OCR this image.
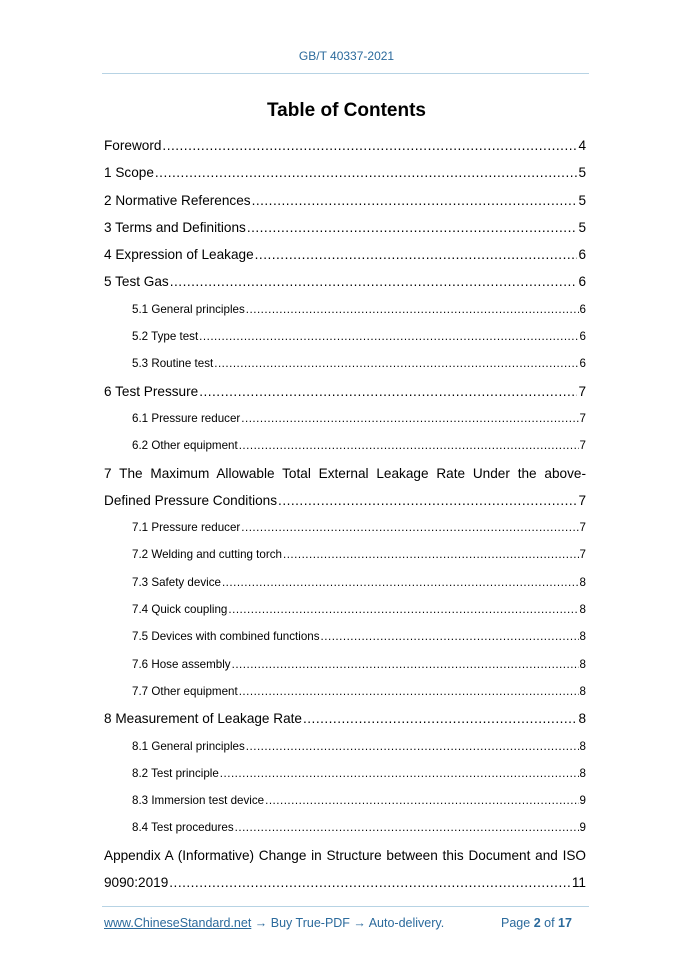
GB/T 40337-2021
Table of Contents
Foreword .....	4
1 Scope .....	5
2 Normative References .....	5
3 Terms and Definitions .....	5
4 Expression of Leakage .....	6
5 Test Gas .....	6
5.1 General principles .....	6
5.2 Type test .....	6
5.3 Routine test .....	6
6 Test Pressure .....	7
6.1 Pressure reducer .....	7
6.2 Other equipment .....	7
7 The Maximum Allowable Total External Leakage Rate Under the above-
Defined Pressure Conditions .....	7
7.1 Pressure reducer .....	7
7.2 Welding and cutting torch .....	7
7.3 Safety device .....	8
7.4 Quick coupling .....	8
7.5 Devices with combined functions .....	8
7.6 Hose assembly .....	8
7.7 Other equipment .....	8
8 Measurement of Leakage Rate .....	8
8.1 General principles .....	8
8.2 Test principle .....	8
8.3 Immersion test device .....	9
8.4 Test procedures .....	9
Appendix A (Informative) Change in Structure between this Document and ISO
9090:2019 .....	11
www.ChineseStandard.net → Buy True-PDF → Auto-delivery.	Page 2 of 17
